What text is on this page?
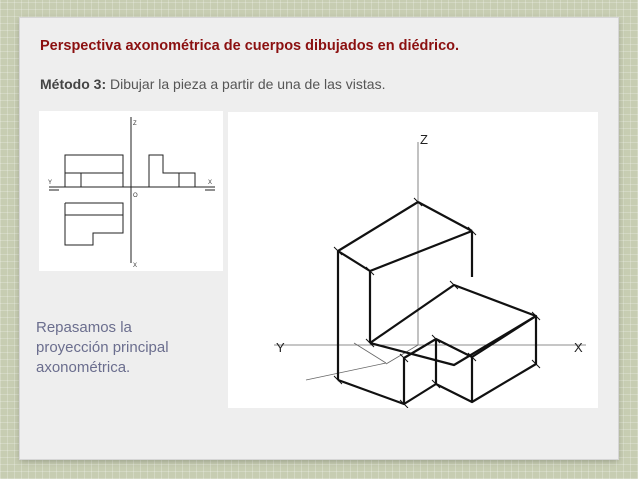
Perspectiva axonométrica de cuerpos dibujados en diédrico.
Método 3: Dibujar la pieza a partir de una de las vistas.
Z
Y	X
O
X
Z
Y	X

Repasamos la proyección principal axonométrica.
